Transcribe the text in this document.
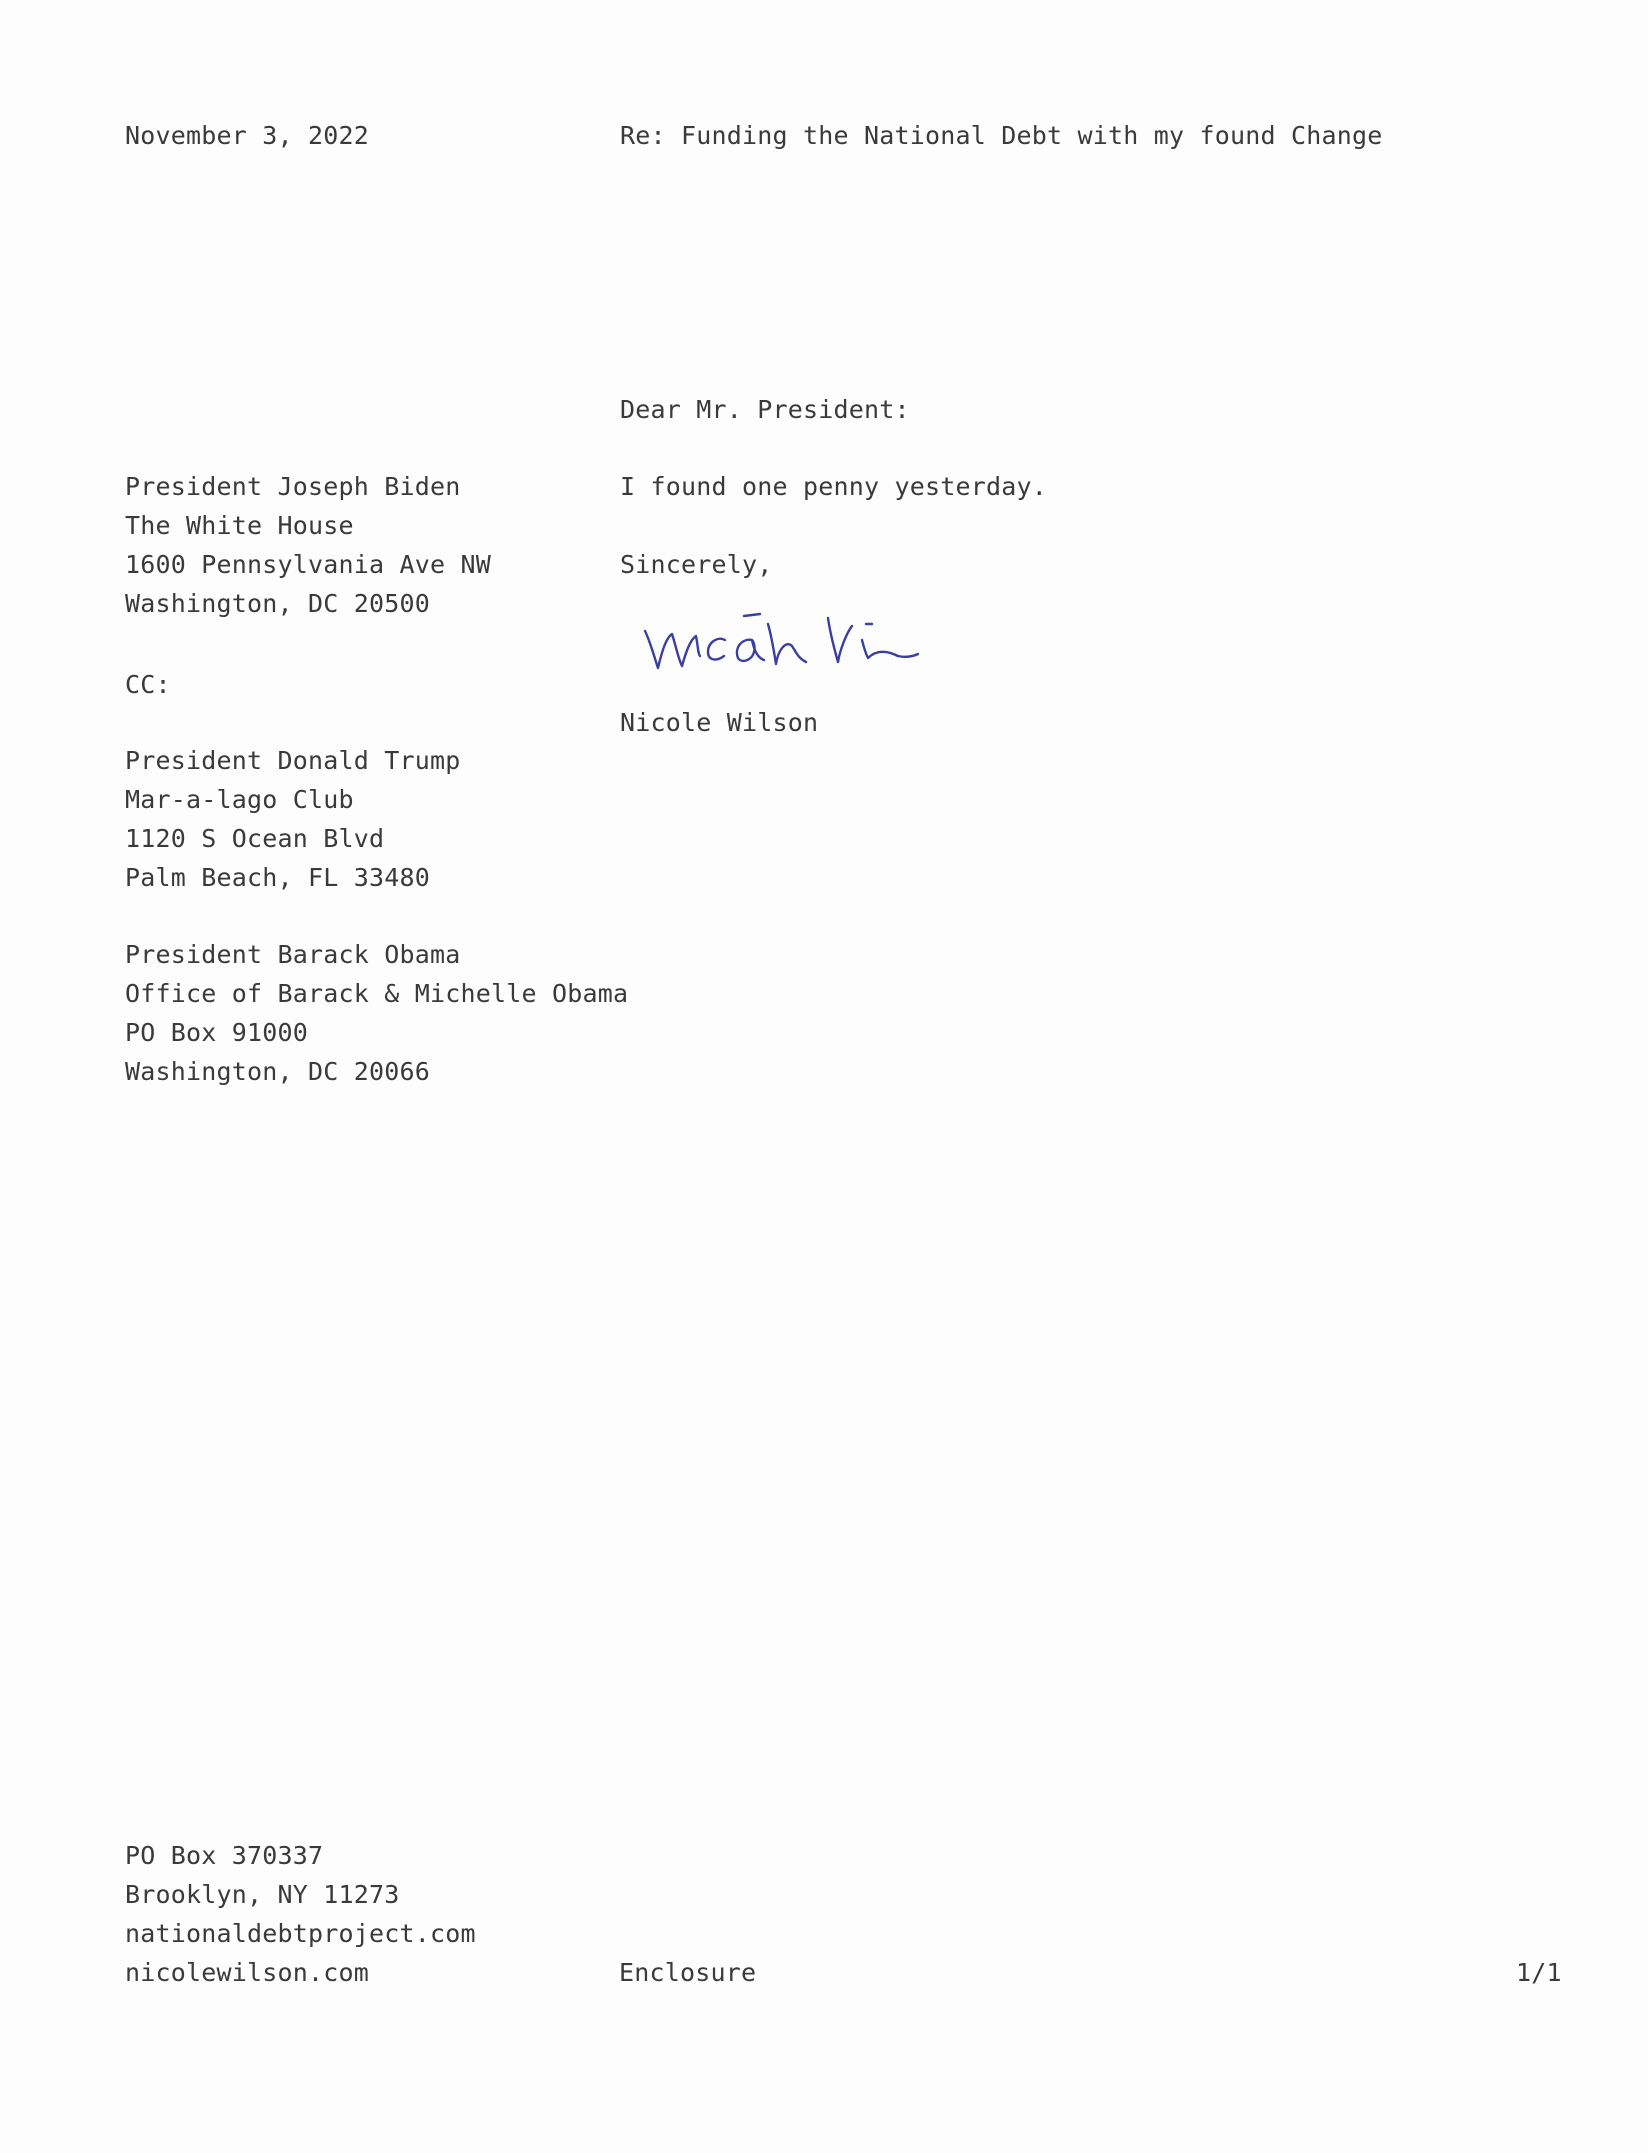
November 3, 2022	Re: Funding the National Debt with my found Change
Dear Mr. President:
President Joseph Biden
The White House
1600 Pennsylvania Ave NW
Washington, DC 20500
I found one penny yesterday.
Sincerely,
CC:
Nicole Wilson
President Donald Trump
Mar-a-lago Club
1120 S Ocean Blvd
Palm Beach, FL 33480
President Barack Obama
Office of Barack & Michelle Obama
PO Box 91000
Washington, DC 20066
PO Box 370337
Brooklyn, NY 11273
nationaldebtproject.com
nicolewilson.com	Enclosure	1/1
